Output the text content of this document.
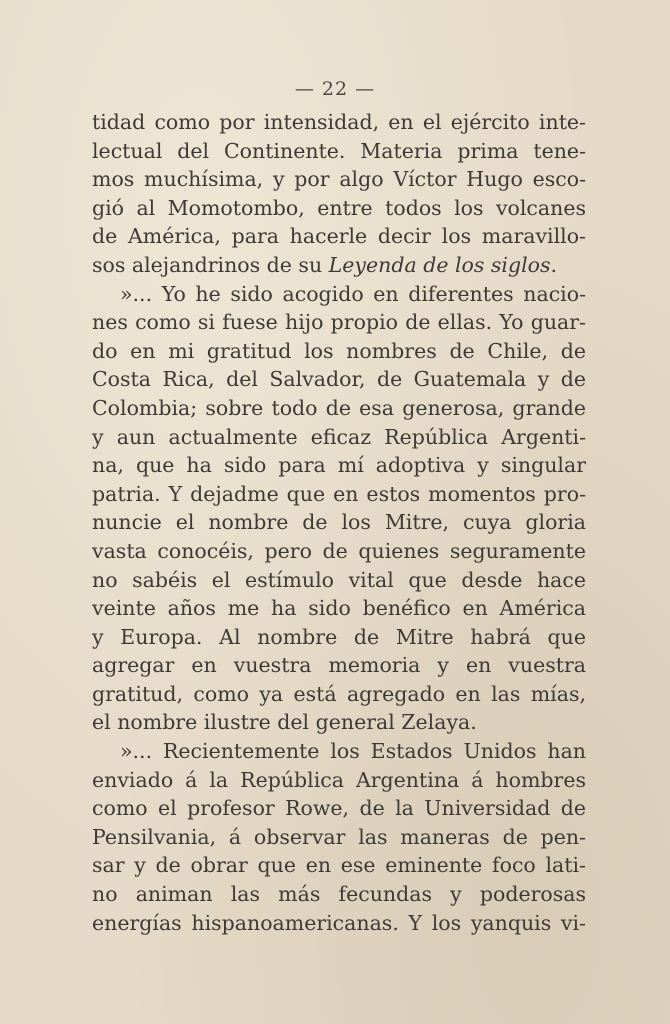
— 22 —
tidad como por intensidad, en el ejército inte-
lectual del Continente. Materia prima tene-
mos muchísima, y por algo Víctor Hugo esco-
gió al Momotombo, entre todos los volcanes
de América, para hacerle decir los maravillo-
sos alejandrinos de su Leyenda de los siglos.
»... Yo he sido acogido en diferentes nacio-
nes como si fuese hijo propio de ellas. Yo guar-
do en mi gratitud los nombres de Chile, de
Costa Rica, del Salvador, de Guatemala y de
Colombia; sobre todo de esa generosa, grande
y aun actualmente eficaz República Argenti-
na, que ha sido para mí adoptiva y singular
patria. Y dejadme que en estos momentos pro-
nuncie el nombre de los Mitre, cuya gloria
vasta conocéis, pero de quienes seguramente
no sabéis el estímulo vital que desde hace
veinte años me ha sido benéfico en América
y Europa. Al nombre de Mitre habrá que
agregar en vuestra memoria y en vuestra
gratitud, como ya está agregado en las mías,
el nombre ilustre del general Zelaya.
»... Recientemente los Estados Unidos han
enviado á la República Argentina á hombres
como el profesor Rowe, de la Universidad de
Pensilvania, á observar las maneras de pen-
sar y de obrar que en ese eminente foco lati-
no animan las más fecundas y poderosas
energías hispanoamericanas. Y los yanquis vi-
